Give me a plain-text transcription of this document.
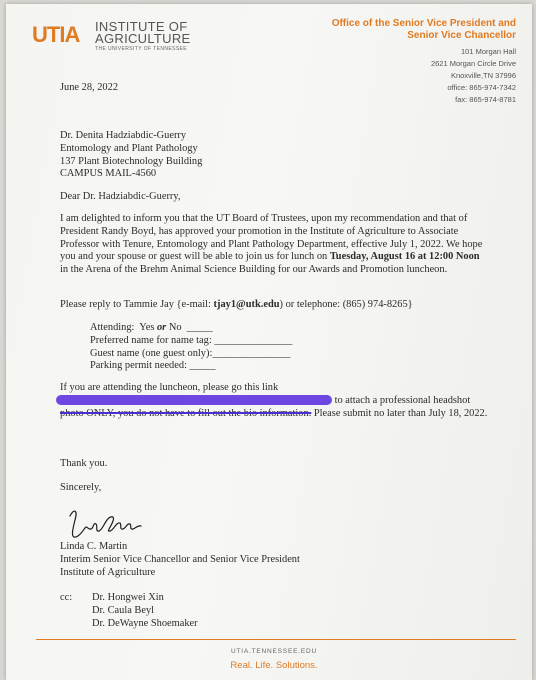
UTIA INSTITUTE OF
AGRICULTURE
THE UNIVERSITY OF TENNESSEE
Office of the Senior Vice President and
Senior Vice Chancellor
101 Morgan Hall
2621 Morgan Circle Drive
Knoxville,TN 37996
office: 865-974-7342
fax: 865-974-8781
June 28, 2022
Dr. Denita Hadziabdic-Guerry
Entomology and Plant Pathology
137 Plant Biotechnology Building
CAMPUS MAIL-4560
Dear Dr. Hadziabdic-Guerry,
I am delighted to inform you that the UT Board of Trustees, upon my recommendation and that of President Randy Boyd, has approved your promotion in the Institute of Agriculture to Associate Professor with Tenure, Entomology and Plant Pathology Department, effective July 1, 2022. We hope you and your spouse or guest will be able to join us for lunch on Tuesday, August 16 at 12:00 Noon in the Arena of the Brehm Animal Science Building for our Awards and Promotion luncheon.
Please reply to Tammie Jay {e-mail: tjay1@utk.edu) or telephone: (865) 974-8265}
Attending:  Yes or No  _____
Preferred name for name tag: _______________
Guest name (one guest only):_______________
Parking permit needed: _____
If you are attending the luncheon, please go this link
to attach a professional headshot
photo ONLY, you do not have to fill out the bio information. Please submit no later than July 18, 2022.
Thank you.
Sincerely,
Linda C. Martin
Interim Senior Vice Chancellor and Senior Vice President
Institute of Agriculture
cc: Dr. Hongwei Xin
Dr. Caula Beyl
Dr. DeWayne Shoemaker
UTIA.TENNESSEE.EDU
Real. Life. Solutions.
